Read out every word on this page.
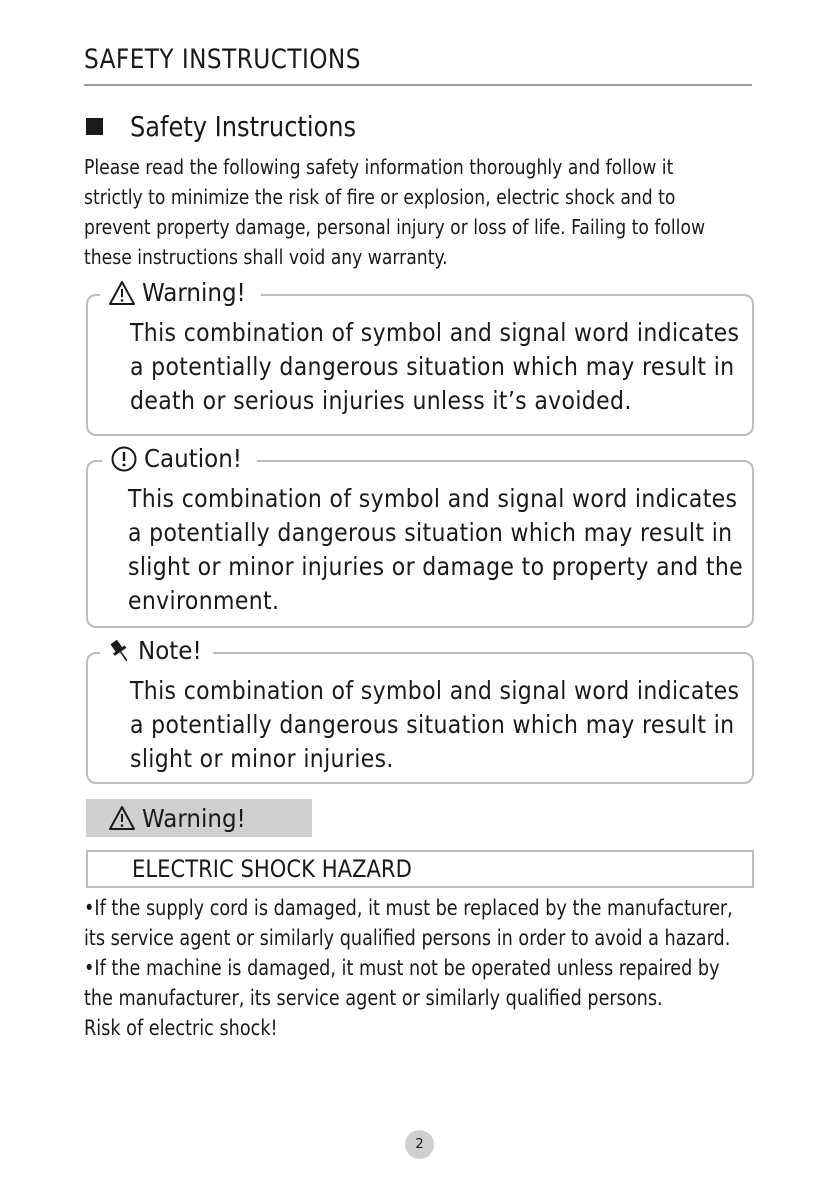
SAFETY INSTRUCTIONS
Safety Instructions
Please read the following safety information thoroughly and follow it
strictly to minimize the risk of fire or explosion, electric shock and to
prevent property damage, personal injury or loss of life. Failing to follow
these instructions shall void any warranty.
Warning!
This combination of symbol and signal word indicates
a potentially dangerous situation which may result in
death or serious injuries unless it’s avoided.
Caution!
This combination of symbol and signal word indicates
a potentially dangerous situation which may result in
slight or minor injuries or damage to property and the
environment.
Note!
This combination of symbol and signal word indicates
a potentially dangerous situation which may result in
slight or minor injuries.
Warning!
ELECTRIC SHOCK HAZARD
•If the supply cord is damaged, it must be replaced by the manufacturer,
its service agent or similarly qualified persons in order to avoid a hazard.
•If the machine is damaged, it must not be operated unless repaired by
the manufacturer, its service agent or similarly qualified persons.
Risk of electric shock!
2
